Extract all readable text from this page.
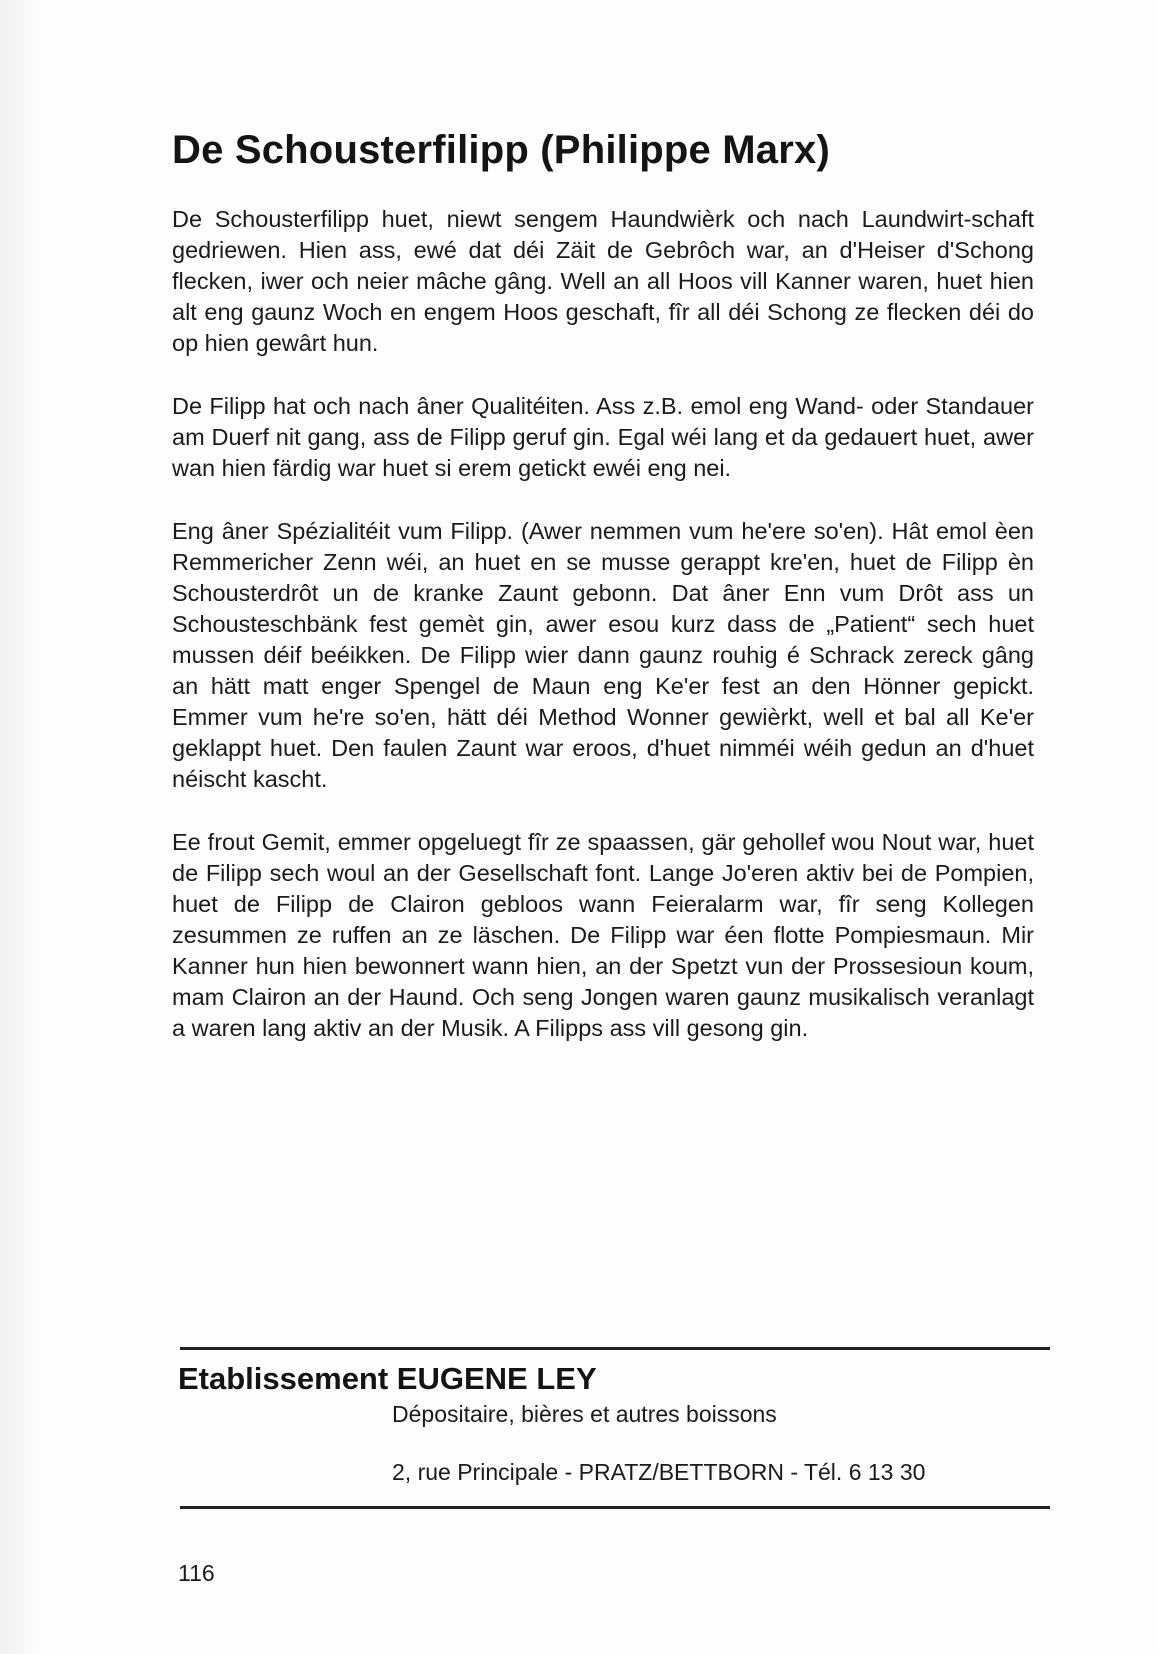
De Schousterfilipp (Philippe Marx)

De Schousterfilipp huet, niewt sengem Haundwièrk och nach Laundwirt-schaft gedriewen. Hien ass, ewé dat déi Zäit de Gebrôch war, an d'Heiser d'Schong flecken, iwer och neier mâche gâng. Well an all Hoos vill Kanner waren, huet hien alt eng gaunz Woch en engem Hoos geschaft, fîr all déi Schong ze flecken déi do op hien gewârt hun.

De Filipp hat och nach âner Qualitéiten. Ass z.B. emol eng Wand- oder Standauer am Duerf nit gang, ass de Filipp geruf gin. Egal wéi lang et da gedauert huet, awer wan hien färdig war huet si erem getickt ewéi eng nei.

Eng âner Spézialitéit vum Filipp. (Awer nemmen vum he'ere so'en). Hât emol èen Remmericher Zenn wéi, an huet en se musse gerappt kre'en, huet de Filipp èn Schousterdrôt un de kranke Zaunt gebonn. Dat âner Enn vum Drôt ass un Schousteschbänk fest gemèt gin, awer esou kurz dass de „Patient“ sech huet mussen déif beéikken. De Filipp wier dann gaunz rouhig é Schrack zereck gâng an hätt matt enger Spengel de Maun eng Ke'er fest an den Hönner gepickt. Emmer vum he're so'en, hätt déi Method Wonner gewièrkt, well et bal all Ke'er geklappt huet. Den faulen Zaunt war eroos, d'huet nimméi wéih gedun an d'huet néischt kascht.

Ee frout Gemit, emmer opgeluegt fîr ze spaassen, gär gehollef wou Nout war, huet de Filipp sech woul an der Gesellschaft font. Lange Jo'eren aktiv bei de Pompien, huet de Filipp de Clairon gebloos wann Feieralarm war, fîr seng Kollegen zesummen ze ruffen an ze läschen. De Filipp war éen flotte Pompiesmaun. Mir Kanner hun hien bewonnert wann hien, an der Spetzt vun der Prossesioun koum, mam Clairon an der Haund. Och seng Jongen waren gaunz musikalisch veranlagt a waren lang aktiv an der Musik. A Filipps ass vill gesong gin.

Etablissement EUGENE LEY
Dépositaire, bières et autres boissons
2, rue Principale - PRATZ/BETTBORN - Tél. 6 13 30
116
